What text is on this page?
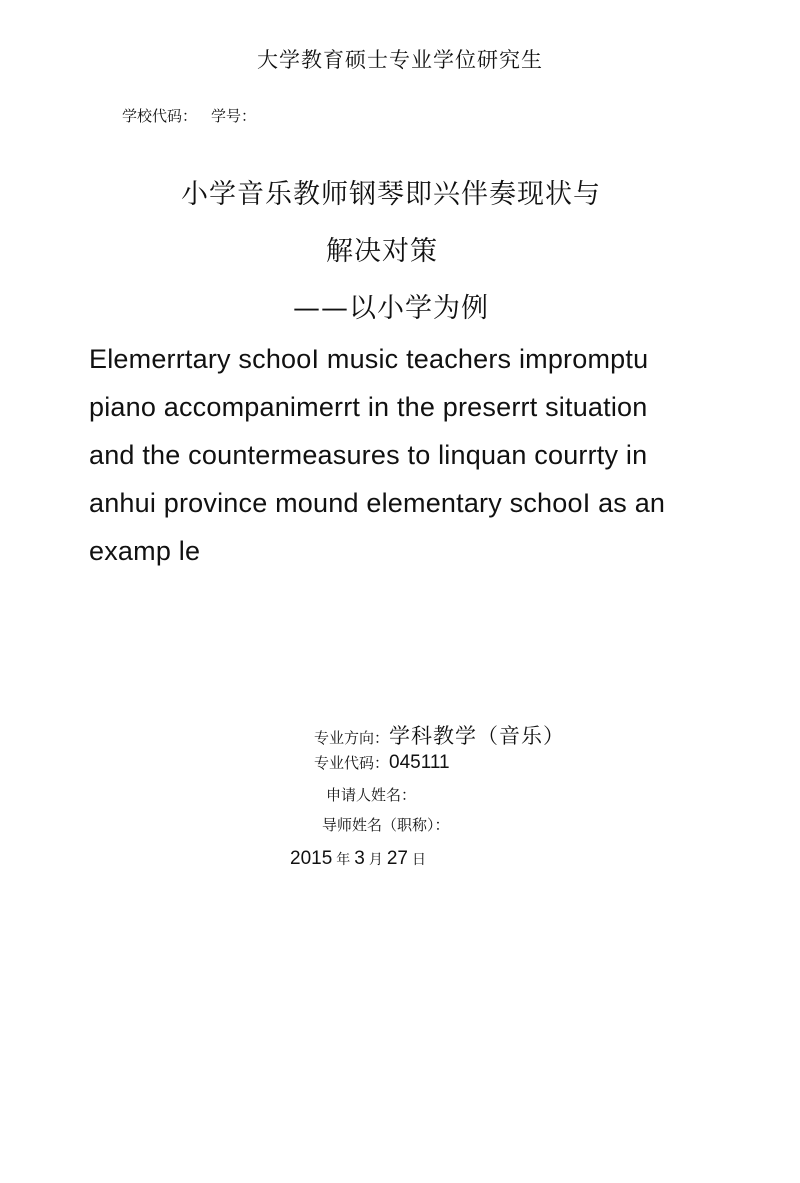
大学教育硕士专业学位研究生
学校代码： 学号：
小学音乐教师钢琴即兴伴奏现状与
解决对策
——以小学为例
Elemerrtary schooI music teachers impromptu
piano accompanimerrt in the preserrt situation
and the countermeasures to linquan courrty in
anhui province mound elementary schooI as an
examp le
专业方向：学科教学（音乐）
专业代码：045111
申请人姓名：
导师姓名（职称）：
2015 年 3 月 27 日
